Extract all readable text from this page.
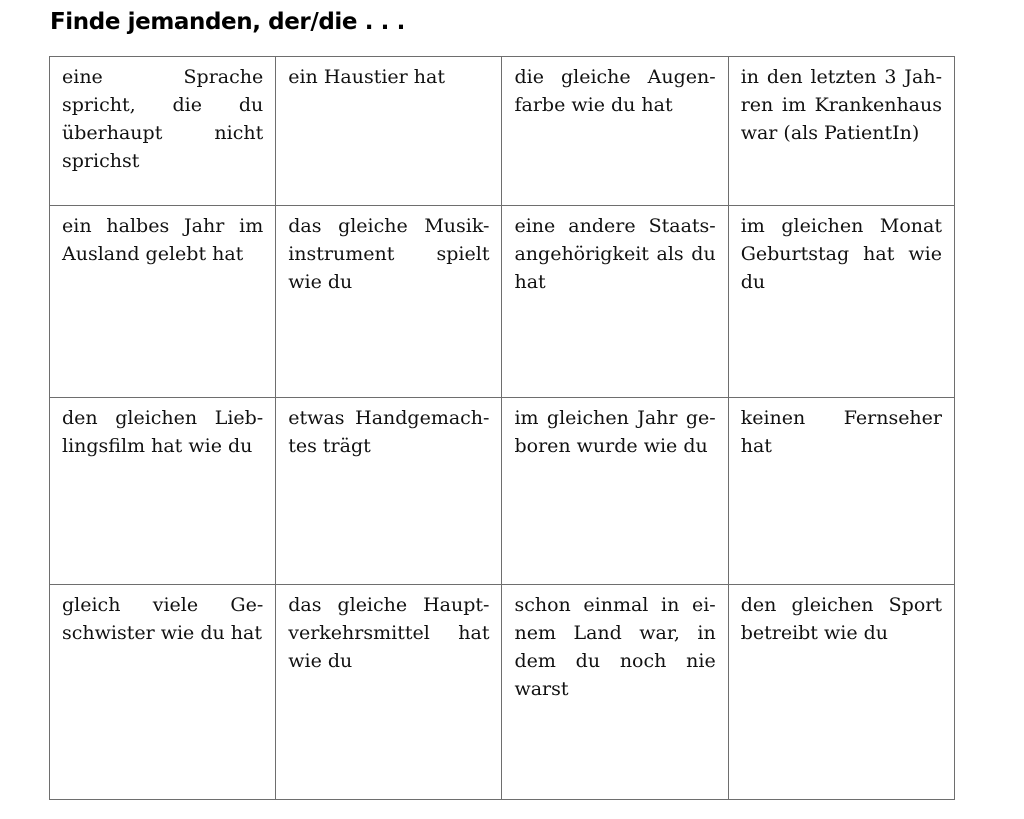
Finde jemanden, der/die . . .
eine Sprache spricht, die du überhaupt nicht sprichst	ein Haustier hat	die gleiche Augen-farbe wie du hat	in den letzten 3 Jah-ren im Krankenhaus war (als PatientIn)

ein halbes Jahr im Ausland gelebt hat	das gleiche Musik-instrument spielt wie du	eine andere Staats-angehörigkeit als du hat	im gleichen Monat Geburtstag hat wie du

den gleichen Lieb-lingsfilm hat wie du	etwas Handgemach-tes trägt	im gleichen Jahr ge-boren wurde wie du	keinen Fernseher hat

gleich viele Ge-schwister wie du hat	das gleiche Haupt-verkehrsmittel hat wie du	schon einmal in ei-nem Land war, in dem du noch nie warst	den gleichen Sport betreibt wie du
